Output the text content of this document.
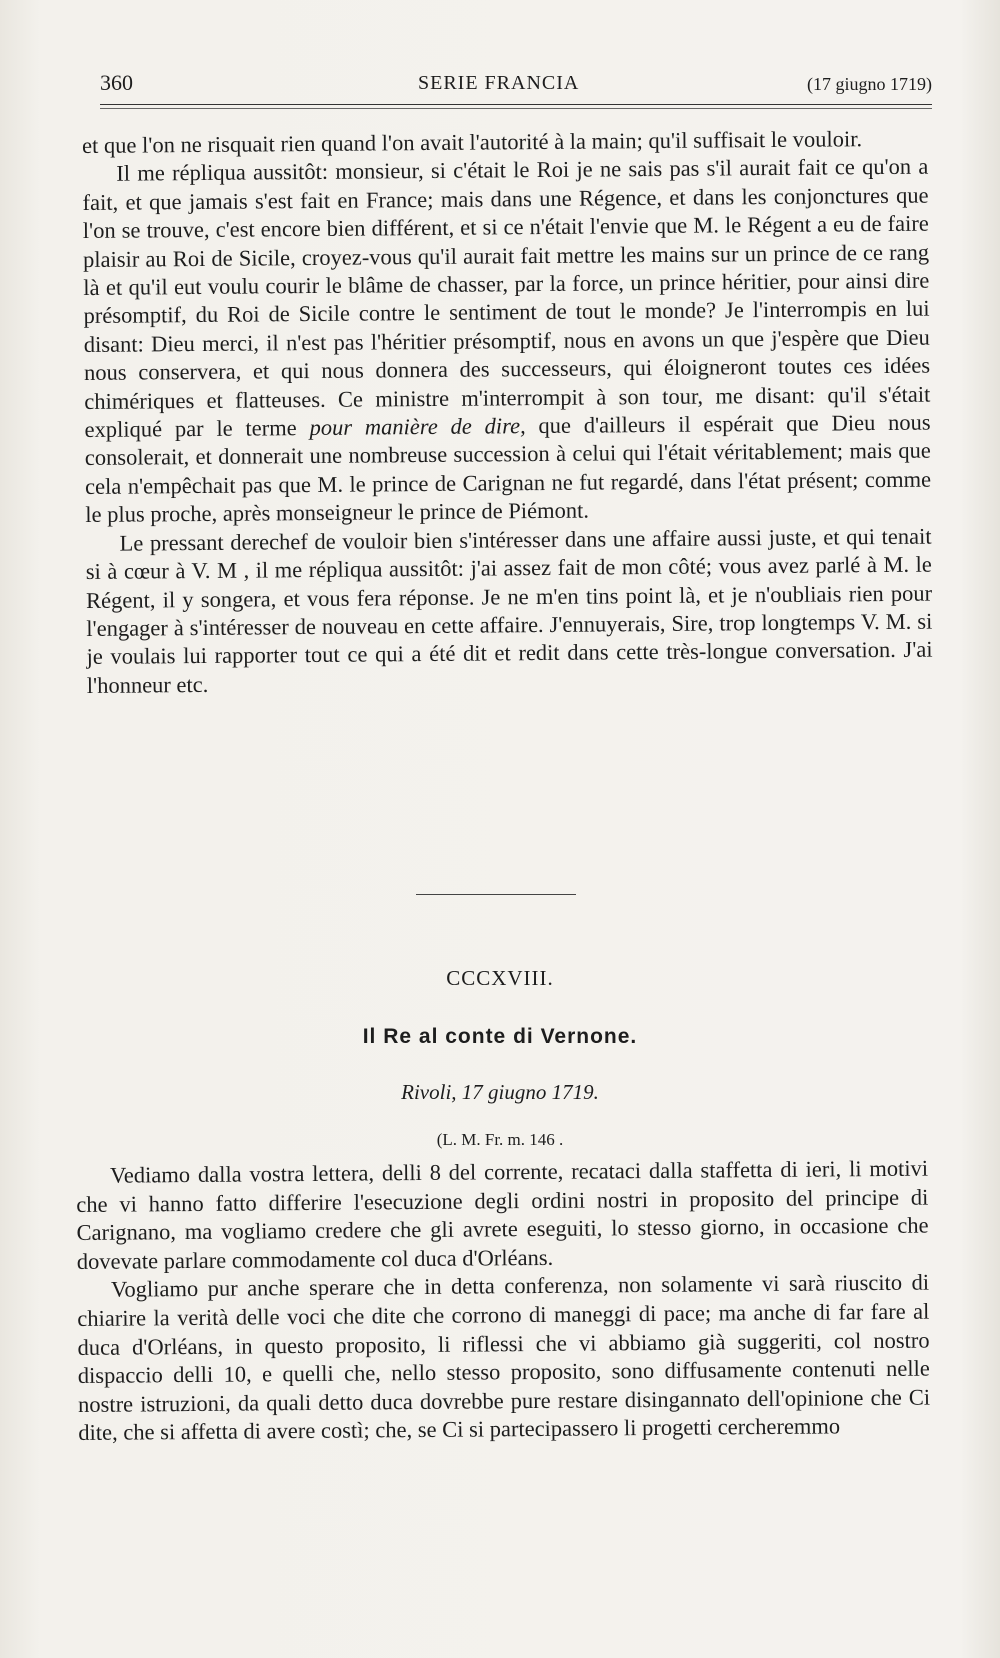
360	SERIE FRANCIA	(17 giugno 1719)

et que l'on ne risquait rien quand l'on avait l'autorité à la main; qu'il suffisait le vouloir.

Il me répliqua aussitôt: monsieur, si c'était le Roi je ne sais pas s'il aurait fait ce qu'on a fait, et que jamais s'est fait en France; mais dans une Régence, et dans les conjonctures que l'on se trouve, c'est encore bien différent, et si ce n'était l'envie que M. le Régent a eu de faire plaisir au Roi de Sicile, croyez-vous qu'il aurait fait mettre les mains sur un prince de ce rang là et qu'il eut voulu courir le blâme de chasser, par la force, un prince héritier, pour ainsi dire présomptif, du Roi de Sicile contre le sentiment de tout le monde? Je l'interrompis en lui disant: Dieu merci, il n'est pas l'héritier présomptif, nous en avons un que j'espère que Dieu nous conservera, et qui nous donnera des successeurs, qui éloigneront toutes ces idées chimériques et flatteuses. Ce ministre m'interrompit à son tour, me disant: qu'il s'était expliqué par le terme pour manière de dire, que d'ailleurs il espérait que Dieu nous consolerait, et donnerait une nombreuse succession à celui qui l'était véritablement; mais que cela n'empêchait pas que M. le prince de Carignan ne fut regardé, dans l'état présent; comme le plus proche, après monseigneur le prince de Piémont.

Le pressant derechef de vouloir bien s'intéresser dans une affaire aussi juste, et qui tenait si à cœur à V. M , il me répliqua aussitôt: j'ai assez fait de mon côté; vous avez parlé à M. le Régent, il y songera, et vous fera réponse. Je ne m'en tins point là, et je n'oubliais rien pour l'engager à s'intéresser de nouveau en cette affaire. J'ennuyerais, Sire, trop longtemps V. M. si je voulais lui rapporter tout ce qui a été dit et redit dans cette très-longue conversation. J'ai l'honneur etc.

CCCXVIII.
Il Re al conte di Vernone.
Rivoli, 17 giugno 1719.
(L. M. Fr. m. 146 .

Vediamo dalla vostra lettera, delli 8 del corrente, recataci dalla staffetta di ieri, li motivi che vi hanno fatto differire l'esecuzione degli ordini nostri in proposito del principe di Carignano, ma vogliamo credere che gli avrete eseguiti, lo stesso giorno, in occasione che dovevate parlare commodamente col duca d'Orléans.

Vogliamo pur anche sperare che in detta conferenza, non solamente vi sarà riuscito di chiarire la verità delle voci che dite che corrono di maneggi di pace; ma anche di far fare al duca d'Orléans, in questo proposito, li riflessi che vi abbiamo già suggeriti, col nostro dispaccio delli 10, e quelli che, nello stesso proposito, sono diffusamente contenuti nelle nostre istruzioni, da quali detto duca dovrebbe pure restare disingannato dell'opinione che Ci dite, che si affetta di avere costì; che, se Ci si partecipassero li progetti cercheremmo
